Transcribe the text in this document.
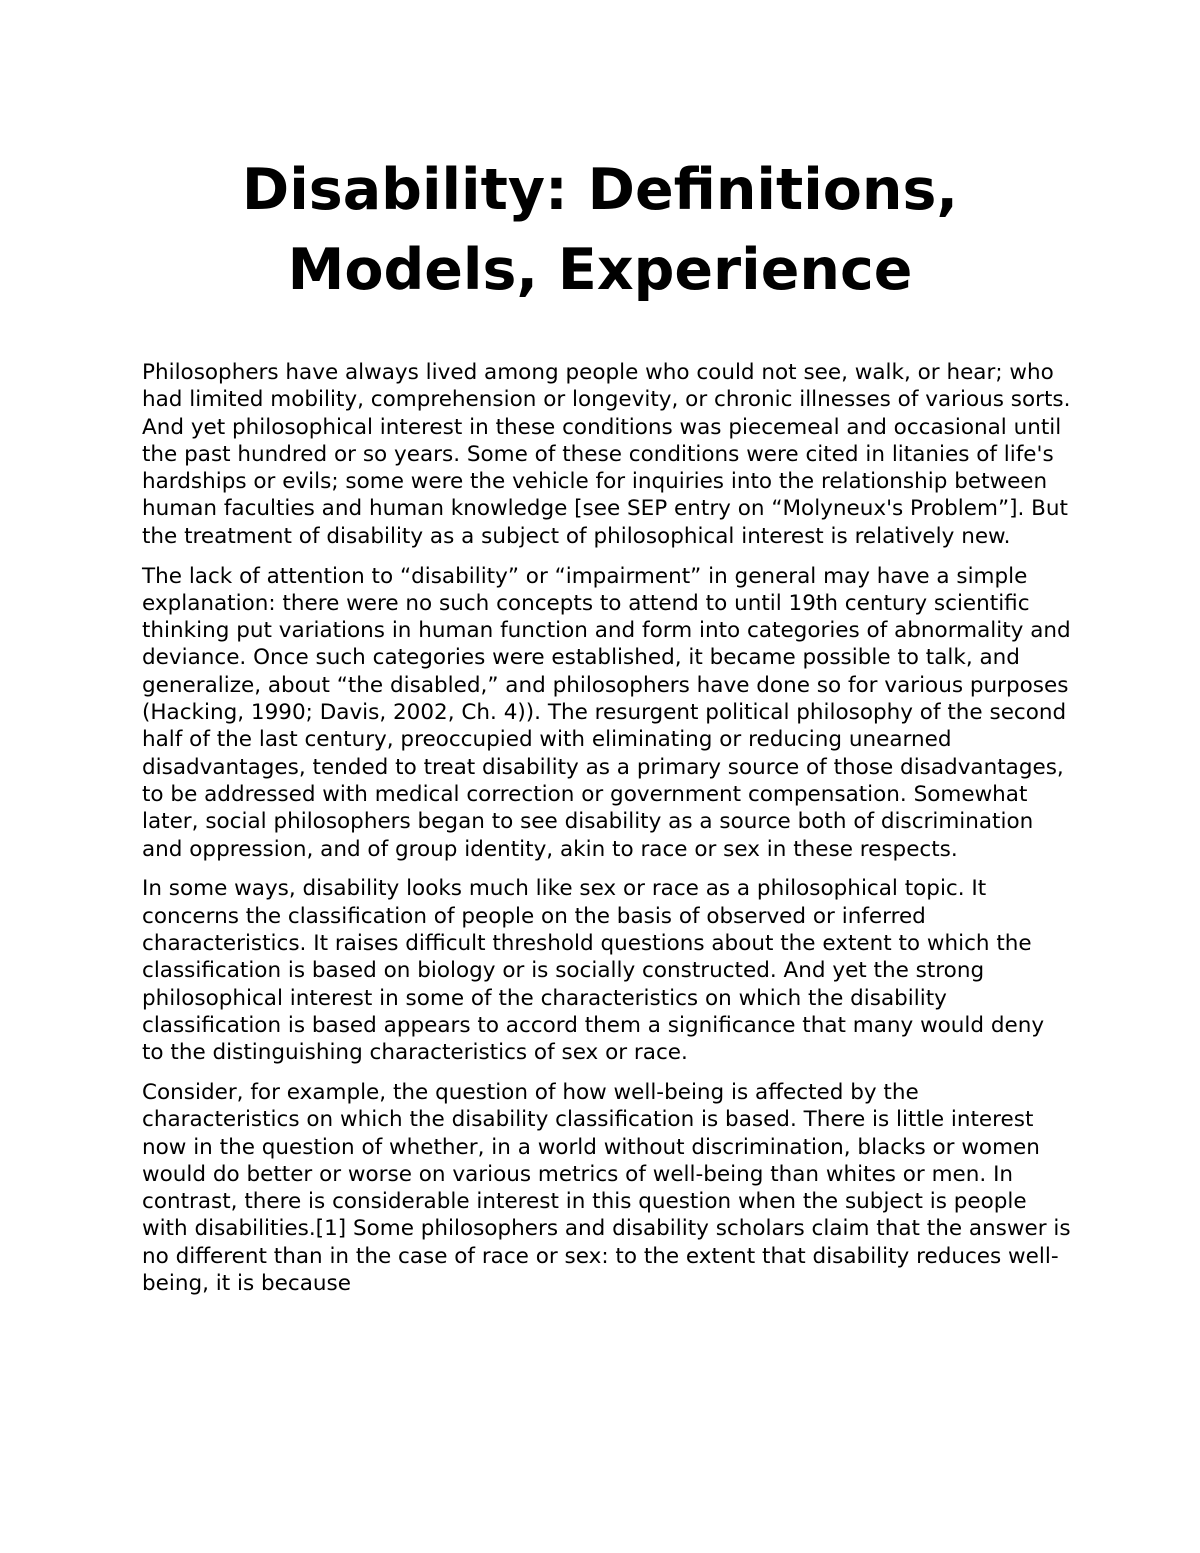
Disability: Definitions,
Models, Experience

Philosophers have always lived among people who could not see, walk, or hear; who had limited mobility, comprehension or longevity, or chronic illnesses of various sorts. And yet philosophical interest in these conditions was piecemeal and occasional until the past hundred or so years. Some of these conditions were cited in litanies of life's hardships or evils; some were the vehicle for inquiries into the relationship between human faculties and human knowledge [see SEP entry on “Molyneux's Problem”]. But the treatment of disability as a subject of philosophical interest is relatively new.

The lack of attention to “disability” or “impairment” in general may have a simple explanation: there were no such concepts to attend to until 19th century scientific thinking put variations in human function and form into categories of abnormality and deviance. Once such categories were established, it became possible to talk, and generalize, about “the disabled,” and philosophers have done so for various purposes (Hacking, 1990; Davis, 2002, Ch. 4)). The resurgent political philosophy of the second half of the last century, preoccupied with eliminating or reducing unearned disadvantages, tended to treat disability as a primary source of those disadvantages, to be addressed with medical correction or government compensation. Somewhat later, social philosophers began to see disability as a source both of discrimination and oppression, and of group identity, akin to race or sex in these respects.

In some ways, disability looks much like sex or race as a philosophical topic. It concerns the classification of people on the basis of observed or inferred characteristics. It raises difficult threshold questions about the extent to which the classification is based on biology or is socially constructed. And yet the strong philosophical interest in some of the characteristics on which the disability classification is based appears to accord them a significance that many would deny to the distinguishing characteristics of sex or race.

Consider, for example, the question of how well-being is affected by the characteristics on which the disability classification is based. There is little interest now in the question of whether, in a world without discrimination, blacks or women would do better or worse on various metrics of well-being than whites or men. In contrast, there is considerable interest in this question when the subject is people with disabilities.[1] Some philosophers and disability scholars claim that the answer is no different than in the case of race or sex: to the extent that disability reduces well-being, it is because
